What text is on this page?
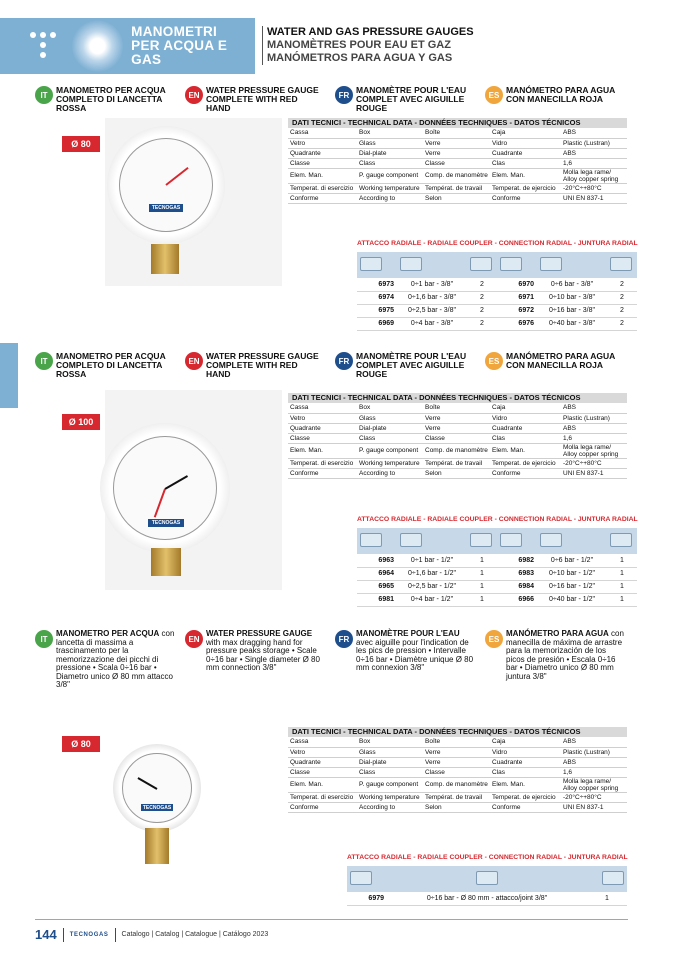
MANOMETRI
PER ACQUA E GAS
WATER AND GAS PRESSURE GAUGES
MANOMÈTRES POUR EAU ET GAZ
MANÓMETROS PARA AGUA Y GAS
IT MANOMETRO PER ACQUA COMPLETO DI LANCETTA ROSSA
EN WATER PRESSURE GAUGE COMPLETE WITH RED HAND
FR MANOMÈTRE POUR L'EAU COMPLET AVEC AIGUILLE ROUGE
ES MANÓMETRO PARA AGUA CON MANECILLA ROJA
Ø 80
TECNOGAS
DATI TECNICI - TECHNICAL DATA - DONNÉES TECHNIQUES - DATOS TÉCNICOS
Cassa	Box	Boîte	Caja	ABS
Vetro	Glass	Verre	Vidro	Plastic (Lustran)
Quadrante	Dial-plate	Verre	Cuadrante	ABS
Classe	Class	Classe	Clas	1,6
Elem. Man.	P. gauge component	Comp. de manomètre	Elem. Man.	Molla lega rame/ Alloy copper spring
Temperat. di esercizio	Working temperature	Températ. de travail	Temperat. de ejercicio	-20°C÷+80°C
Conforme	According to	Selon	Conforme	UNI EN 837-1
ATTACCO RADIALE - RADIALE COUPLER - CONNECTION RADIAL - JUNTURA RADIAL

6973	0÷1 bar - 3/8"	2	6970	0÷6 bar - 3/8"	2
6974	0÷1,6 bar - 3/8"	2	6971	0÷10 bar - 3/8"	2
6975	0÷2,5 bar - 3/8"	2	6972	0÷16 bar - 3/8"	2
6969	0÷4 bar - 3/8"	2	6976	0÷40 bar - 3/8"	2
IT MANOMETRO PER ACQUA COMPLETO DI LANCETTA ROSSA
EN WATER PRESSURE GAUGE COMPLETE WITH RED HAND
FR MANOMÈTRE POUR L'EAU COMPLET AVEC AIGUILLE ROUGE
ES MANÓMETRO PARA AGUA CON MANECILLA ROJA
Ø 100
TECNOGAS
DATI TECNICI - TECHNICAL DATA - DONNÉES TECHNIQUES - DATOS TÉCNICOS
Cassa	Box	Boîte	Caja	ABS
Vetro	Glass	Verre	Vidro	Plastic (Lustran)
Quadrante	Dial-plate	Verre	Cuadrante	ABS
Classe	Class	Classe	Clas	1,6
Elem. Man.	P. gauge component	Comp. de manomètre	Elem. Man.	Molla lega rame/ Alloy copper spring
Temperat. di esercizio	Working temperature	Températ. de travail	Temperat. de ejercicio	-20°C÷+80°C
Conforme	According to	Selon	Conforme	UNI EN 837-1
ATTACCO RADIALE - RADIALE COUPLER - CONNECTION RADIAL - JUNTURA RADIAL

6963	0÷1 bar - 1/2"	1	6982	0÷6 bar - 1/2"	1
6964	0÷1,6 bar - 1/2"	1	6983	0÷10 bar - 1/2"	1
6965	0÷2,5 bar - 1/2"	1	6984	0÷16 bar - 1/2"	1
6981	0÷4 bar - 1/2"	1	6966	0÷40 bar - 1/2"	1
IT
MANOMETRO PER ACQUA con lancetta di massima a trascinamento per la memorizzazione dei picchi di pressione • Scala 0÷16 bar • Diametro unico Ø 80 mm attacco 3/8"
EN
WATER PRESSURE GAUGE with max dragging hand for pressure peaks storage • Scale 0÷16 bar • Single diameter Ø 80 mm connection 3/8"
FR
MANOMÈTRE POUR L'EAU avec aiguille pour l'indication de les pics de pression • Intervalle 0÷16 bar • Diamètre unique Ø 80 mm connexion 3/8"
ES
MANÓMETRO PARA AGUA con manecilla de máxima de arrastre para la memorización de los picos de presión • Escala 0÷16 bar • Diametro unico Ø 80 mm juntura 3/8"
Ø 80
TECNOGAS
DATI TECNICI - TECHNICAL DATA - DONNÉES TECHNIQUES - DATOS TÉCNICOS
Cassa	Box	Boîte	Caja	ABS
Vetro	Glass	Verre	Vidro	Plastic (Lustran)
Quadrante	Dial-plate	Verre	Cuadrante	ABS
Classe	Class	Classe	Clas	1,6
Elem. Man.	P. gauge component	Comp. de manomètre	Elem. Man.	Molla lega rame/ Alloy copper spring
Temperat. di esercizio	Working temperature	Températ. de travail	Temperat. de ejercicio	-20°C÷+80°C
Conforme	According to	Selon	Conforme	UNI EN 837-1
ATTACCO RADIALE - RADIALE COUPLER - CONNECTION RADIAL - JUNTURA RADIAL

6979	0÷16 bar - Ø 80 mm - attacco/joint 3/8"	1
144 TECNOGAS Catalogo | Catalog | Catalogue | Catálogo 2023
